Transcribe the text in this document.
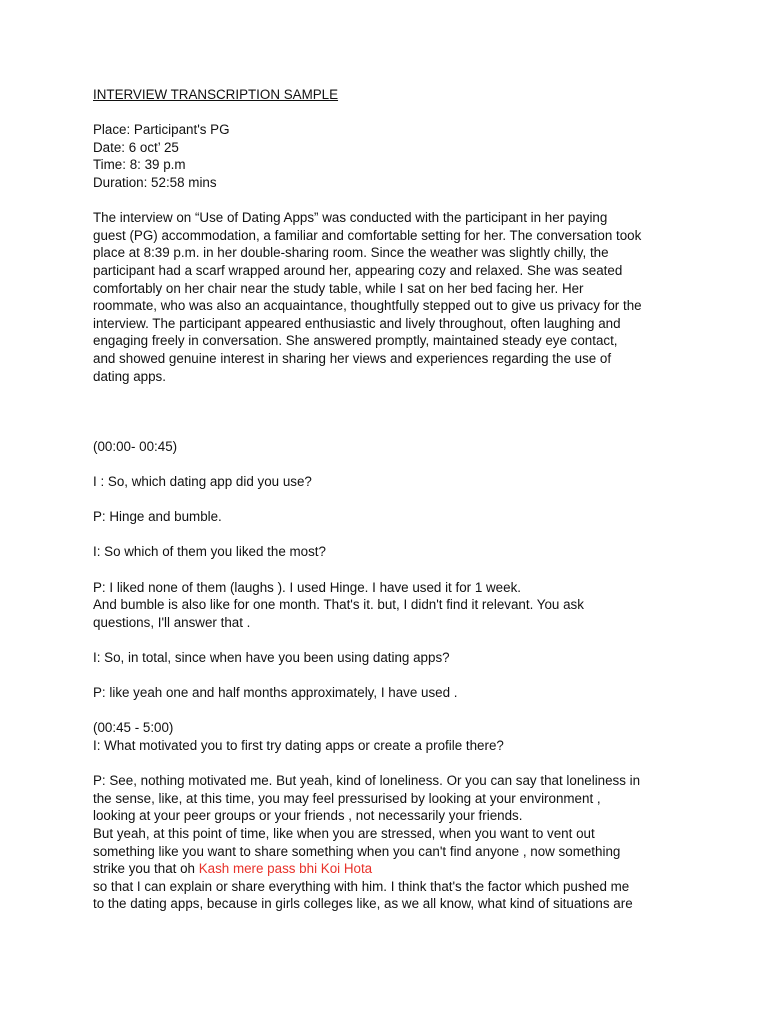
INTERVIEW TRANSCRIPTION SAMPLE

Place: Participant's PG
Date: 6 oct’ 25
Time: 8: 39 p.m
Duration: 52:58 mins
The interview on “Use of Dating Apps” was conducted with the participant in her paying
guest (PG) accommodation, a familiar and comfortable setting for her. The conversation took
place at 8:39 p.m. in her double-sharing room. Since the weather was slightly chilly, the
participant had a scarf wrapped around her, appearing cozy and relaxed. She was seated
comfortably on her chair near the study table, while I sat on her bed facing her. Her
roommate, who was also an acquaintance, thoughtfully stepped out to give us privacy for the
interview. The participant appeared enthusiastic and lively throughout, often laughing and
engaging freely in conversation. She answered promptly, maintained steady eye contact,
and showed genuine interest in sharing her views and experiences regarding the use of
dating apps.
(00:00- 00:45)
I : So, which dating app did you use?
P: Hinge and bumble.
I: So which of them you liked the most?
P: I liked none of them (laughs ). I used Hinge. I have used it for 1 week.
And bumble is also like for one month. That's it. but, I didn't find it relevant. You ask
questions, I'll answer that .
I: So, in total, since when have you been using dating apps?
P: like yeah one and half months approximately, I have used .
(00:45 - 5:00)
I: What motivated you to first try dating apps or create a profile there?
P: See, nothing motivated me. But yeah, kind of loneliness. Or you can say that loneliness in
the sense, like, at this time, you may feel pressurised by looking at your environment ,
looking at your peer groups or your friends , not necessarily your friends.
But yeah, at this point of time, like when you are stressed, when you want to vent out
something like you want to share something when you can't find anyone , now something
strike you that oh Kash mere pass bhi Koi Hota
so that I can explain or share everything with him. I think that's the factor which pushed me
to the dating apps, because in girls colleges like, as we all know, what kind of situations are
